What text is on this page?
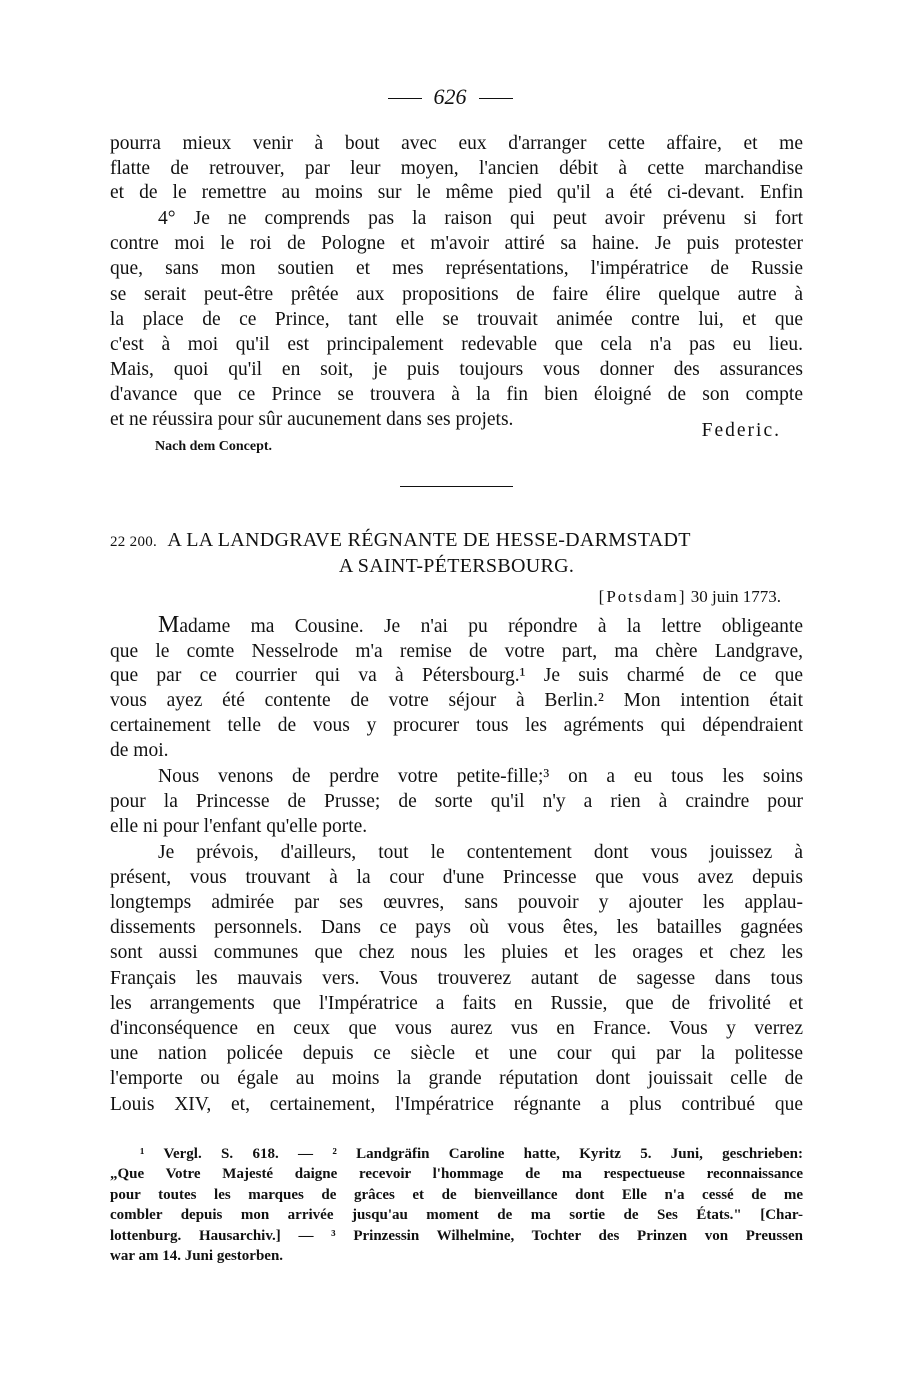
626
pourra mieux venir à bout avec eux d'arranger cette affaire, et me
flatte de retrouver, par leur moyen, l'ancien débit à cette marchandise
et de le remettre au moins sur le même pied qu'il a été ci-devant. Enfin
4° Je ne comprends pas la raison qui peut avoir prévenu si fort
contre moi le roi de Pologne et m'avoir attiré sa haine. Je puis protester
que, sans mon soutien et mes représentations, l'impératrice de Russie
se serait peut-être prêtée aux propositions de faire élire quelque autre à
la place de ce Prince, tant elle se trouvait animée contre lui, et que
c'est à moi qu'il est principalement redevable que cela n'a pas eu lieu.
Mais, quoi qu'il en soit, je puis toujours vous donner des assurances
d'avance que ce Prince se trouvera à la fin bien éloigné de son compte
et ne réussira pour sûr aucunement dans ses projets.
Federic.
Nach dem Concept.
22 200. A LA LANDGRAVE RÉGNANTE DE HESSE-DARMSTADT
A SAINT-PÉTERSBOURG.
[Potsdam] 30 juin 1773.
Madame ma Cousine. Je n'ai pu répondre à la lettre obligeante
que le comte Nesselrode m'a remise de votre part, ma chère Landgrave,
que par ce courrier qui va à Pétersbourg.¹ Je suis charmé de ce que
vous ayez été contente de votre séjour à Berlin.² Mon intention était
certainement telle de vous y procurer tous les agréments qui dépendraient
de moi.
Nous venons de perdre votre petite-fille;³ on a eu tous les soins
pour la Princesse de Prusse; de sorte qu'il n'y a rien à craindre pour
elle ni pour l'enfant qu'elle porte.
Je prévois, d'ailleurs, tout le contentement dont vous jouissez à
présent, vous trouvant à la cour d'une Princesse que vous avez depuis
longtemps admirée par ses œuvres, sans pouvoir y ajouter les applau-
dissements personnels. Dans ce pays où vous êtes, les batailles gagnées
sont aussi communes que chez nous les pluies et les orages et chez les
Français les mauvais vers. Vous trouverez autant de sagesse dans tous
les arrangements que l'Impératrice a faits en Russie, que de frivolité et
d'inconséquence en ceux que vous aurez vus en France. Vous y verrez
une nation policée depuis ce siècle et une cour qui par la politesse
l'emporte ou égale au moins la grande réputation dont jouissait celle de
Louis XIV, et, certainement, l'Impératrice régnante a plus contribué que
¹ Vergl. S. 618. — ² Landgräfin Caroline hatte, Kyritz 5. Juni, geschrieben:
„Que Votre Majesté daigne recevoir l'hommage de ma respectueuse reconnaissance
pour toutes les marques de grâces et de bienveillance dont Elle n'a cessé de me
combler depuis mon arrivée jusqu'au moment de ma sortie de Ses États." [Char-
lottenburg. Hausarchiv.] — ³ Prinzessin Wilhelmine, Tochter des Prinzen von Preussen
war am 14. Juni gestorben.
